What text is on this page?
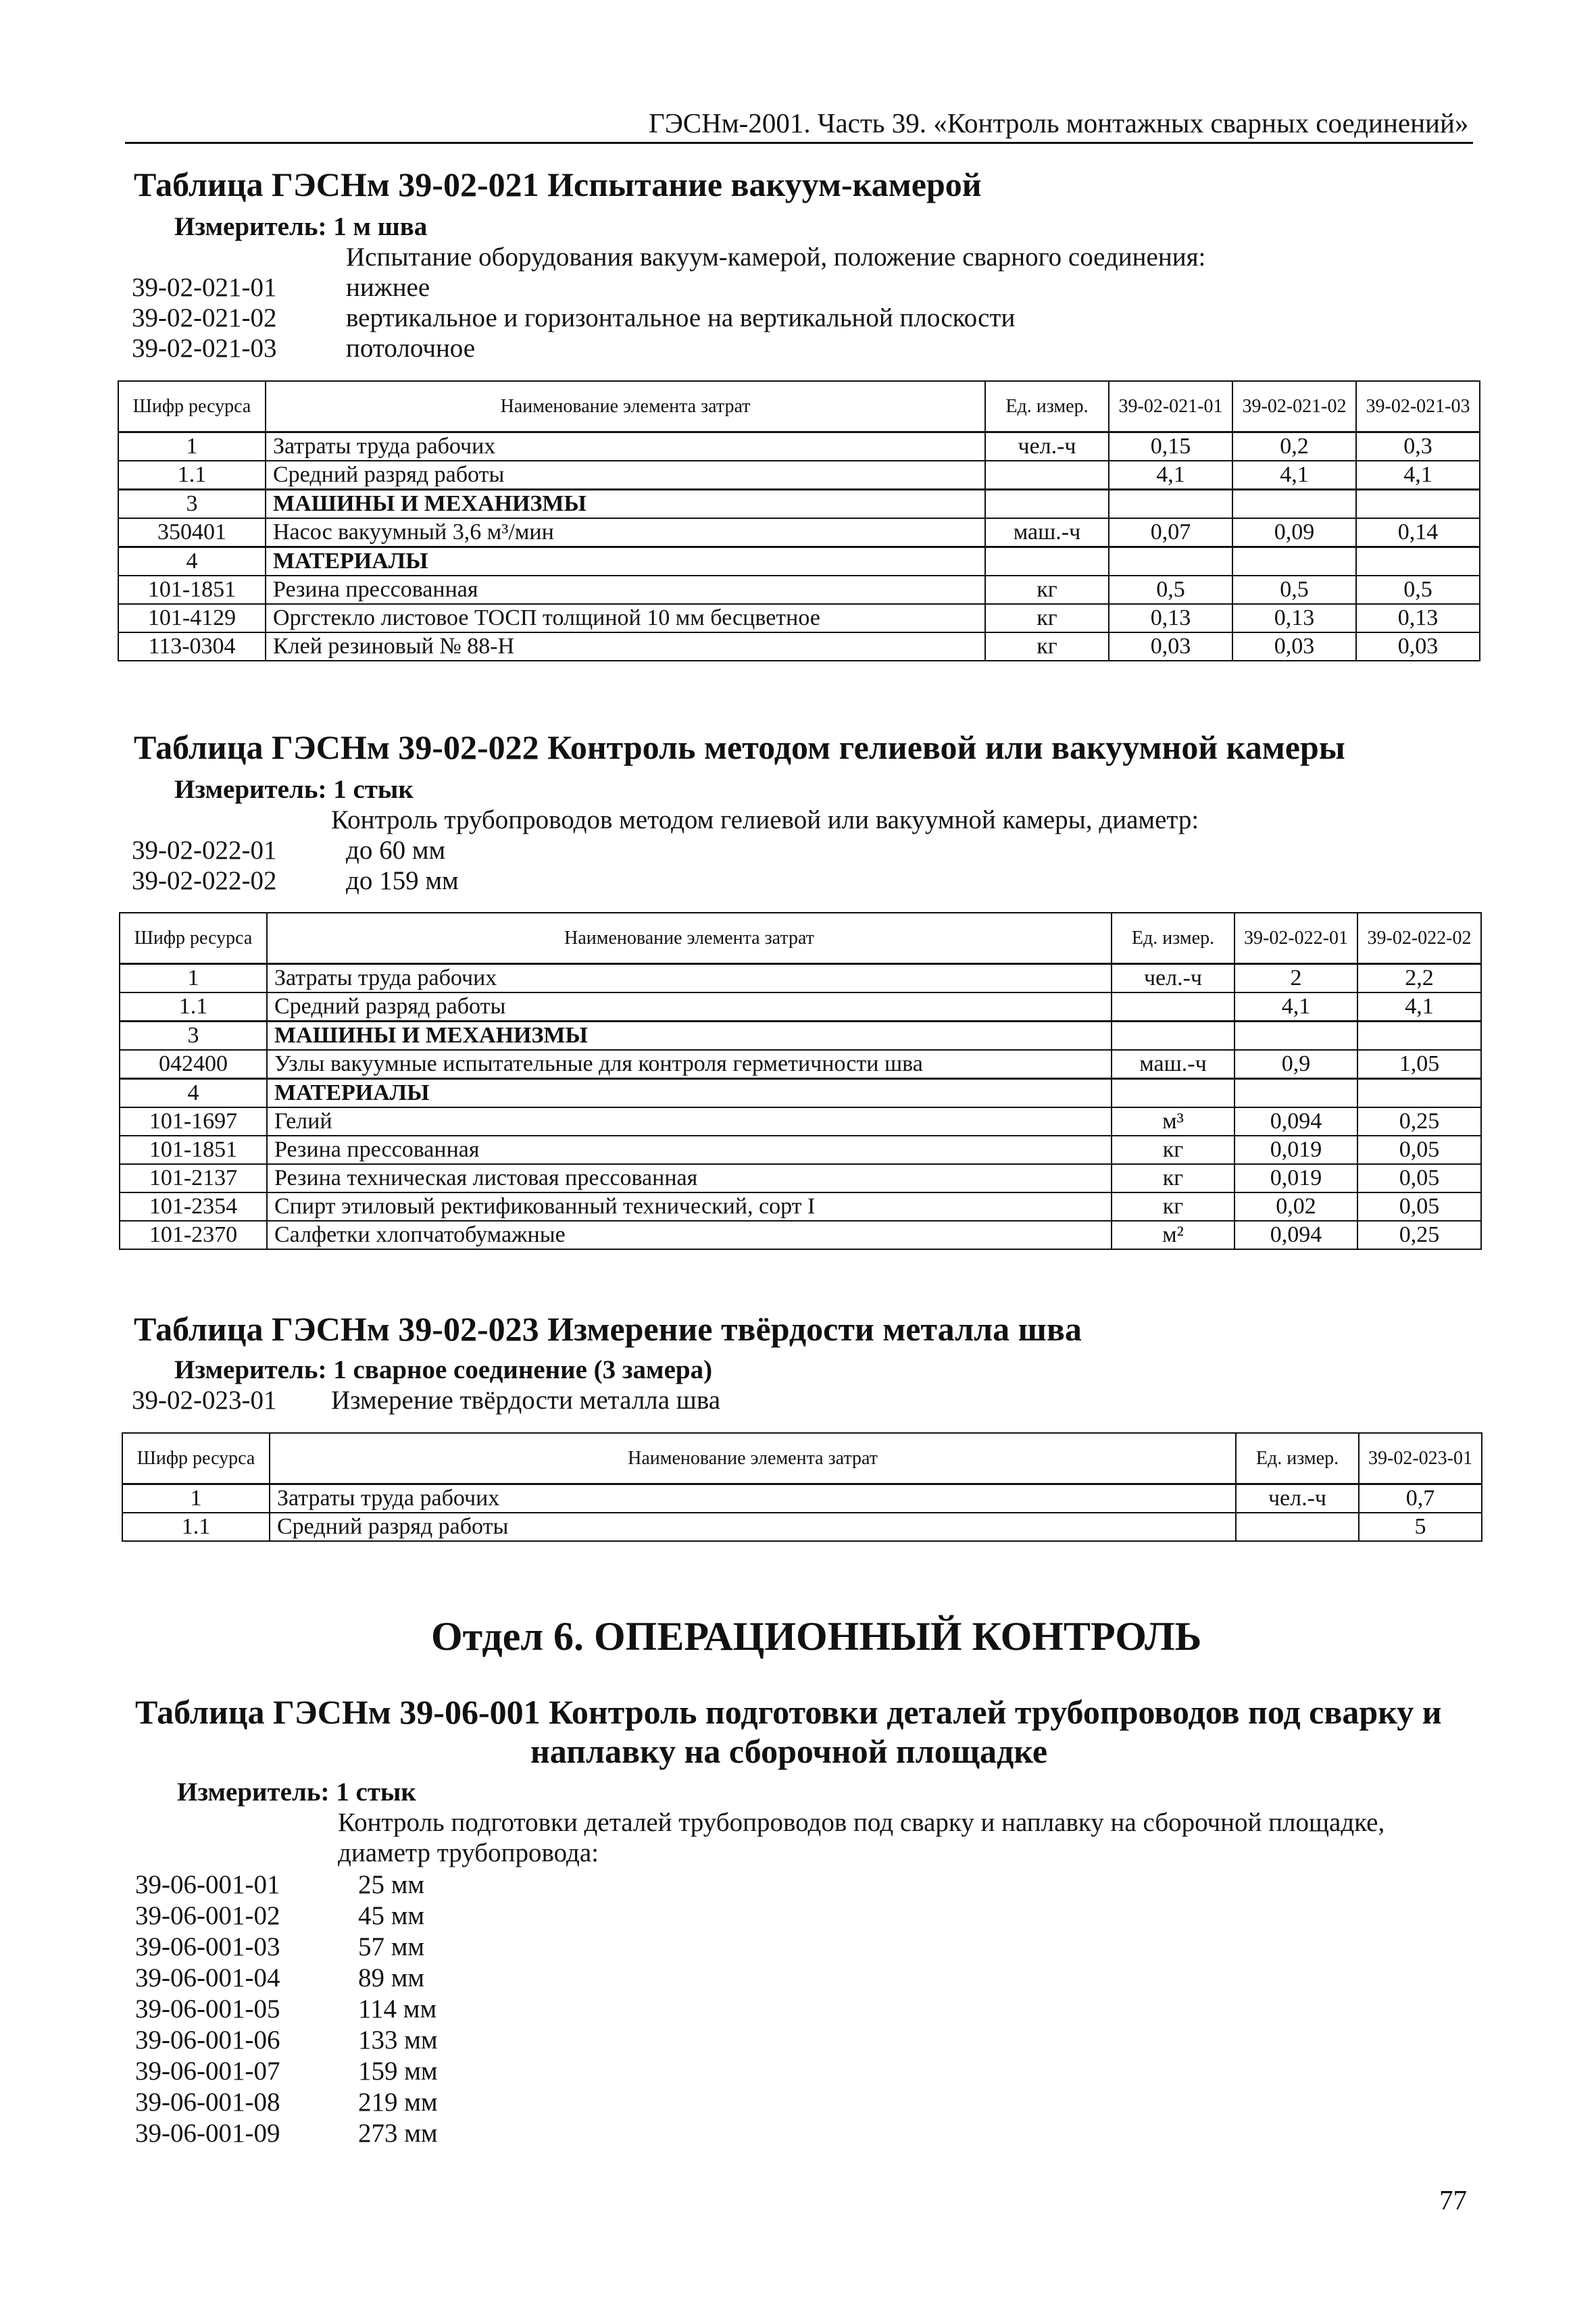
ГЭСНм-2001. Часть 39. «Контроль монтажных сварных соединений»
Таблица ГЭСНм 39-02-021 Испытание вакуум-камерой
Измеритель: 1 м шва
Испытание оборудования вакуум-камерой, положение сварного соединения:
39-02-021-01	нижнее
39-02-021-02	вертикальное и горизонтальное на вертикальной плоскости
39-02-021-03	потолочное
Шифр ресурса	Наименование элемента затрат	Ед. измер.	39-02-021-01	39-02-021-02	39-02-021-03
1	Затраты труда рабочих	чел.-ч	0,15	0,2	0,3
1.1	Средний разряд работы		4,1	4,1	4,1
3	МАШИНЫ И МЕХАНИЗМЫ				
350401	Насос вакуумный 3,6 м³/мин	маш.-ч	0,07	0,09	0,14
4	МАТЕРИАЛЫ				
101-1851	Резина прессованная	кг	0,5	0,5	0,5
101-4129	Оргстекло листовое ТОСП толщиной 10 мм бесцветное	кг	0,13	0,13	0,13
113-0304	Клей резиновый № 88-Н	кг	0,03	0,03	0,03
Таблица ГЭСНм 39-02-022 Контроль методом гелиевой или вакуумной камеры
Измеритель: 1 стык
Контроль трубопроводов методом гелиевой или вакуумной камеры, диаметр:
39-02-022-01	до 60 мм
39-02-022-02	до 159 мм
Шифр ресурса	Наименование элемента затрат	Ед. измер.	39-02-022-01	39-02-022-02
1	Затраты труда рабочих	чел.-ч	2	2,2
1.1	Средний разряд работы		4,1	4,1
3	МАШИНЫ И МЕХАНИЗМЫ			
042400	Узлы вакуумные испытательные для контроля герметичности шва	маш.-ч	0,9	1,05
4	МАТЕРИАЛЫ			
101-1697	Гелий	м³	0,094	0,25
101-1851	Резина прессованная	кг	0,019	0,05
101-2137	Резина техническая листовая прессованная	кг	0,019	0,05
101-2354	Спирт этиловый ректификованный технический, сорт I	кг	0,02	0,05
101-2370	Салфетки хлопчатобумажные	м²	0,094	0,25
Таблица ГЭСНм 39-02-023 Измерение твёрдости металла шва
Измеритель: 1 сварное соединение (3 замера)
39-02-023-01 Измерение твёрдости металла шва
Шифр ресурса	Наименование элемента затрат	Ед. измер.	39-02-023-01
1	Затраты труда рабочих	чел.-ч	0,7
1.1	Средний разряд работы		5
Отдел 6. ОПЕРАЦИОННЫЙ КОНТРОЛЬ
Таблица ГЭСНм 39-06-001 Контроль подготовки деталей трубопроводов под сварку и
наплавку на сборочной площадке
Измеритель: 1 стык
Контроль подготовки деталей трубопроводов под сварку и наплавку на сборочной площадке,
диаметр трубопровода:
39-06-001-01	25 мм
39-06-001-02	45 мм
39-06-001-03	57 мм
39-06-001-04	89 мм
39-06-001-05	114 мм
39-06-001-06	133 мм
39-06-001-07	159 мм
39-06-001-08	219 мм
39-06-001-09	273 мм
77
